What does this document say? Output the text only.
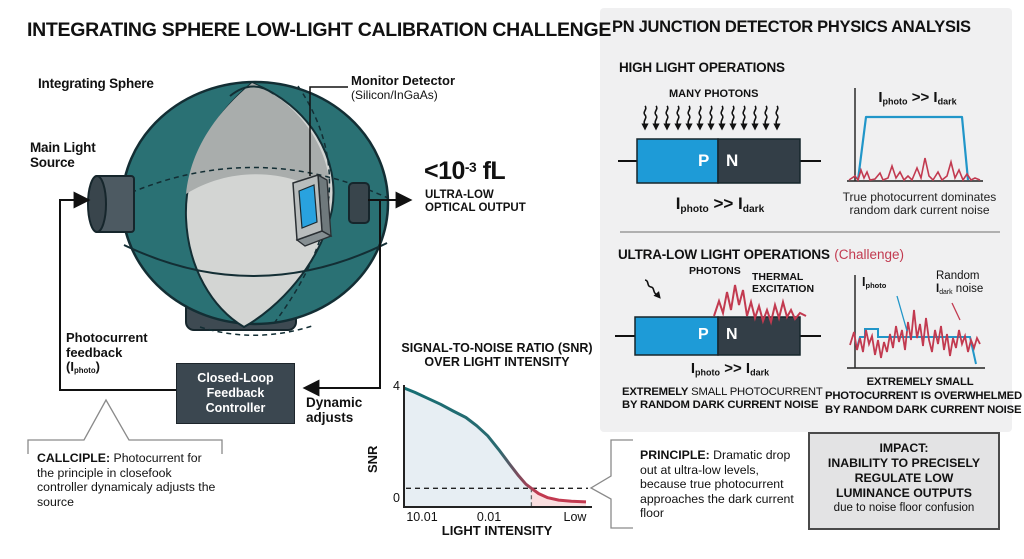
IMPACT:
INABILITY TO PRECISELY
REGULATE LOW
LUMINANCE OUTPUTS
due to noise floor confusion
INTEGRATING SPHERE LOW-LIGHT CALIBRATION CHALLENGE
Integrating Sphere
Main Light
Source
Monitor Detector
(Silicon/InGaAs)
$<10^{-3}$ fL
ULTRA-LOW
OPTICAL OUTPUT
Photocurrent
feedback
$(I_{photo})$
Closed-Loop
Feedback
Controller	Dynamic
adjusts
CALLCIPLE: Photocurrent for the principle in closefook controller dynamicaly adjusts the source
SIGNAL-TO-NOISE RATIO (SNR)
OVER LIGHT INTENSITY
4
0
SNR
10.01	0.01	Low
LIGHT INTENSITY
PN JUNCTION DETECTOR PHYSICS ANALYSIS
HIGH LIGHT OPERATIONS
MANY PHOTONS
P N
$I_{photo} >> I_{dark}$
$I_{photo} >> I_{dark}$
True photocurrent dominates
random dark current noise
ULTRA-LOW LIGHT OPERATIONS (Challenge)
PHOTONS THERMAL
EXCITATION
P N
$I_{photo} >> I_{dark}$
EXTREMELY SMALL PHOTOCURRENT
BY RANDOM DARK CURRENT NOISE
$I_{photo}$
Random
$I_{dark}$ noise
EXTREMELY SMALL
PHOTOCURRENT IS OVERWHELMED
BY RANDOM DARK CURRENT NOISE
PRINCIPLE: Dramatic drop out at ultra-low levels, because true photocurrent approaches the dark current floor
